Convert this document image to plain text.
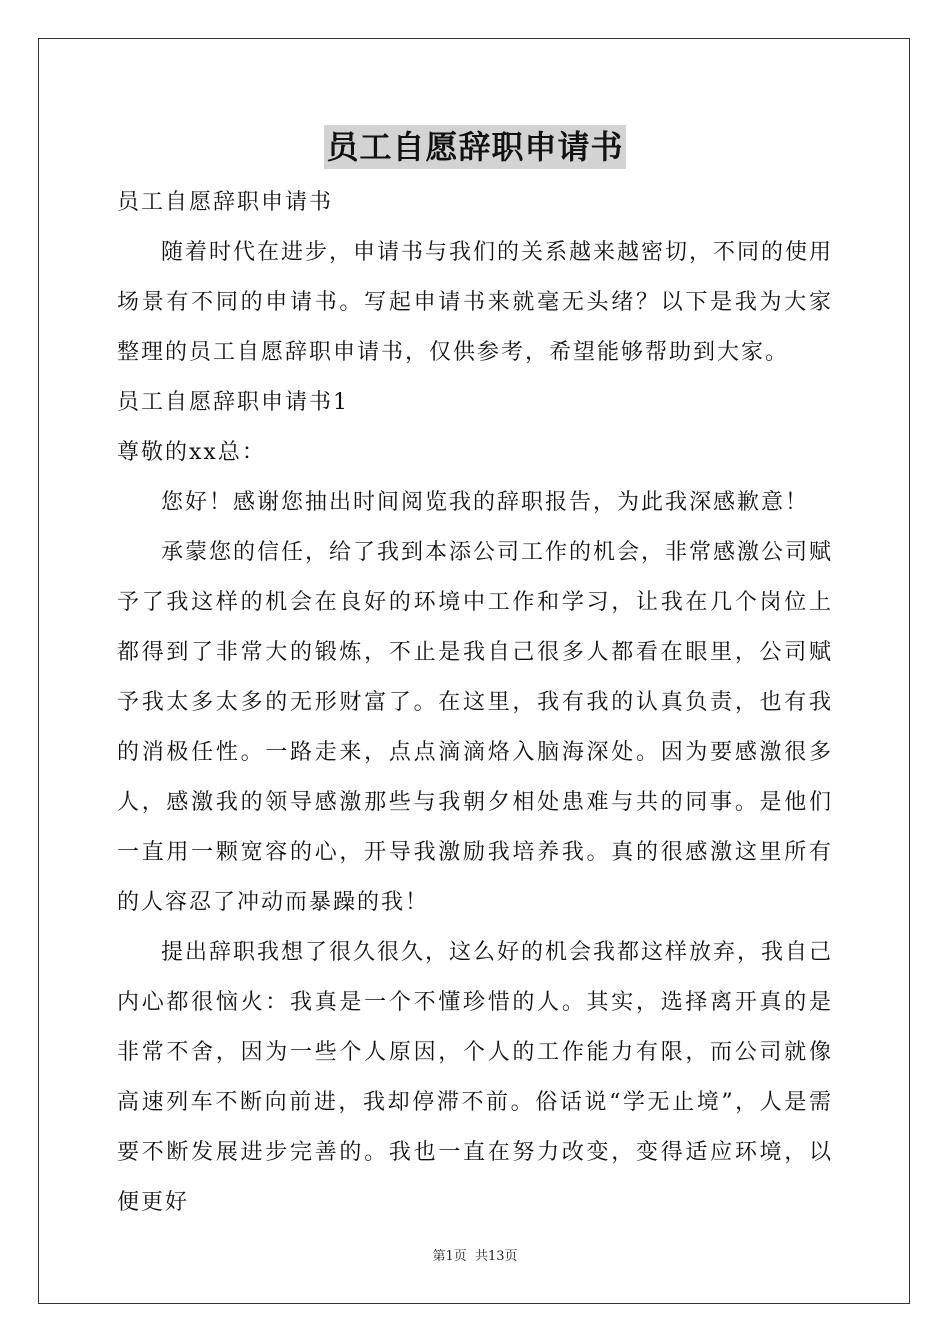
员工自愿辞职申请书
员工自愿辞职申请书
随着时代在进步，申请书与我们的关系越来越密切，不同的使用场景有不同的申请书。写起申请书来就毫无头绪？以下是我为大家整理的员工自愿辞职申请书，仅供参考，希望能够帮助到大家。
员工自愿辞职申请书1
尊敬的xx总：
您好！感谢您抽出时间阅览我的辞职报告，为此我深感歉意！
承蒙您的信任，给了我到本添公司工作的机会，非常感激公司赋予了我这样的机会在良好的环境中工作和学习，让我在几个岗位上都得到了非常大的锻炼，不止是我自己很多人都看在眼里，公司赋予我太多太多的无形财富了。在这里，我有我的认真负责，也有我的消极任性。一路走来，点点滴滴烙入脑海深处。因为要感激很多人，感激我的领导感激那些与我朝夕相处患难与共的同事。是他们一直用一颗宽容的心，开导我激励我培养我。真的很感激这里所有的人容忍了冲动而暴躁的我！
提出辞职我想了很久很久，这么好的机会我都这样放弃，我自己内心都很恼火：我真是一个不懂珍惜的人。其实，选择离开真的是非常不舍，因为一些个人原因，个人的工作能力有限，而公司就像高速列车不断向前进，我却停滞不前。俗话说“学无止境”，人是需要不断发展进步完善的。我也一直在努力改变，变得适应环境，以便更好
第1页 共13页
